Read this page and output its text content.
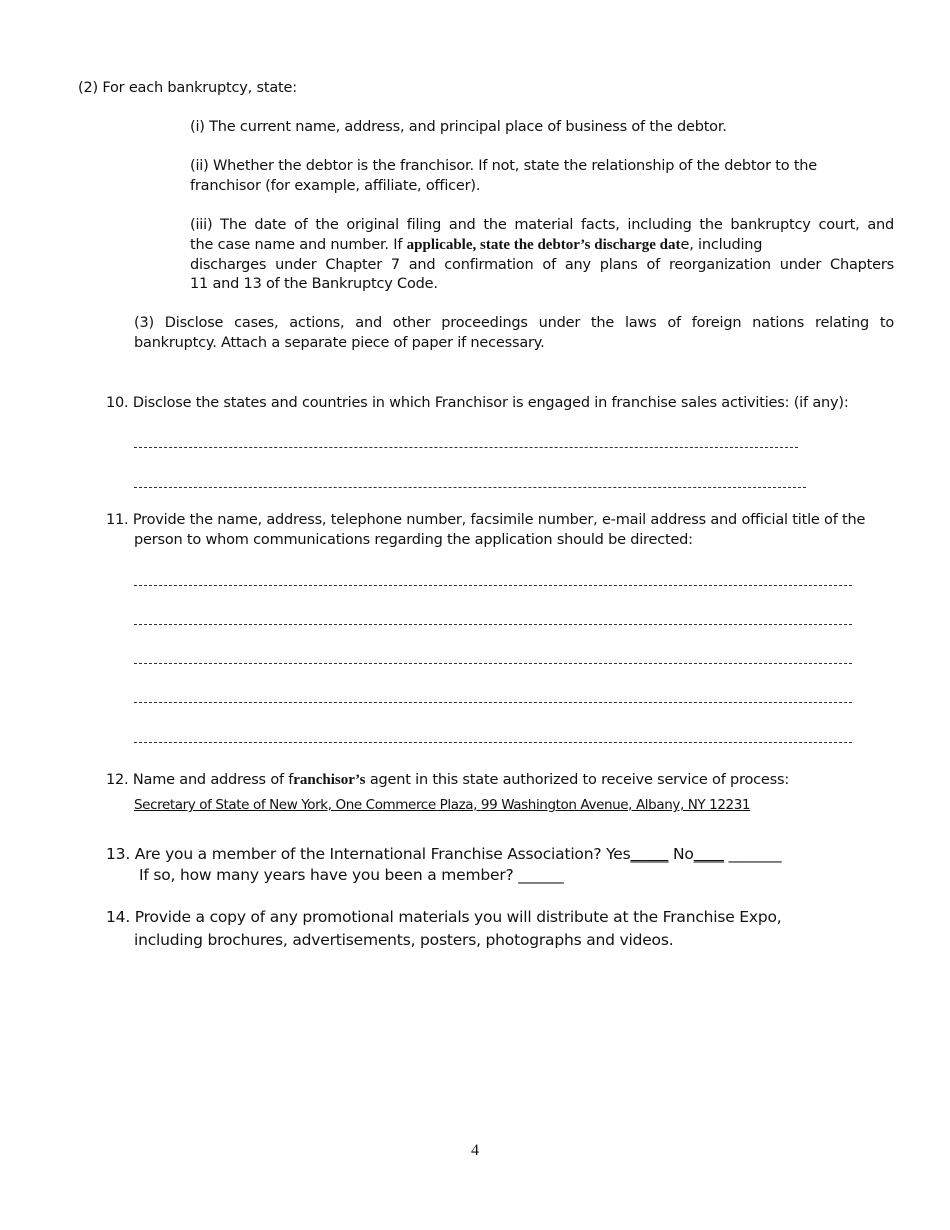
(2) For each bankruptcy, state:

(i) The current name, address, and principal place of business of the debtor.

(ii) Whether the debtor is the franchisor. If not, state the relationship of the debtor to the

franchisor (for example, affiliate, officer).

(iii) The date of the original filing and the material facts, including the bankruptcy court, and

the case name and number. If applicable, state the debtor’s discharge date, including

discharges under Chapter 7 and confirmation of any plans of reorganization under Chapters

11 and 13 of the Bankruptcy Code.

(3) Disclose cases, actions, and other proceedings under the laws of foreign nations relating to

bankruptcy. Attach a separate piece of paper if necessary.

10. Disclose the states and countries in which Franchisor is engaged in franchise sales activities: (if any):

11. Provide the name, address, telephone number, facsimile number, e-mail address and official title of the

person to whom communications regarding the application should be directed:

12. Name and address of franchisor’s agent in this state authorized to receive service of process:

Secretary of State of New York, One Commerce Plaza, 99 Washington Avenue, Albany, NY 12231

13. Are you a member of the International Franchise Association? Yes_____ No____ _______

If so, how many years have you been a member? ______

14. Provide a copy of any promotional materials you will distribute at the Franchise Expo,

including brochures, advertisements, posters, photographs and videos.

4
